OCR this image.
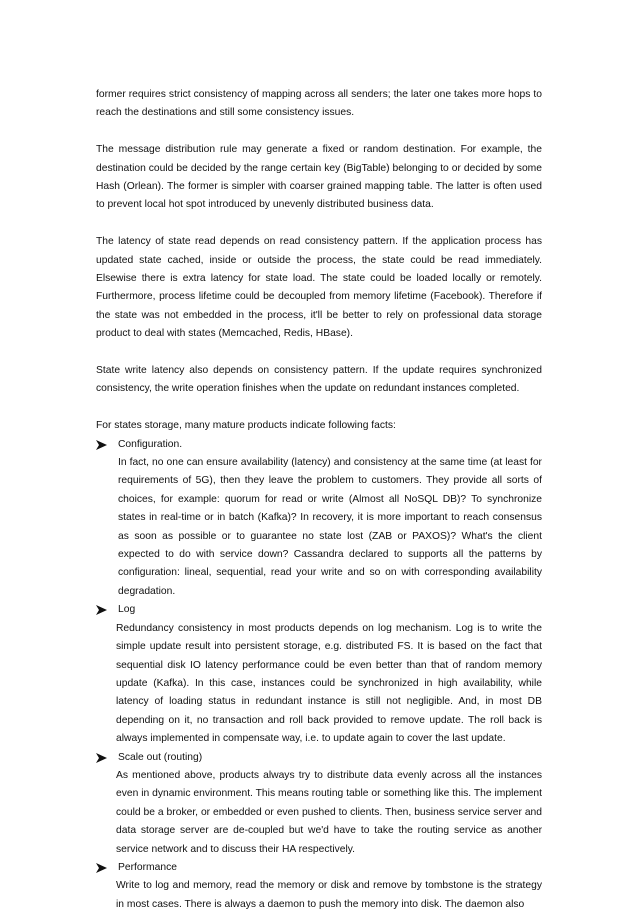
former requires strict consistency of mapping across all senders; the later one takes more hops to reach the destinations and still some consistency issues.

The message distribution rule may generate a fixed or random destination. For example, the destination could be decided by the range certain key (BigTable) belonging to or decided by some Hash (Orlean). The former is simpler with coarser grained mapping table. The latter is often used to prevent local hot spot introduced by unevenly distributed business data.

The latency of state read depends on read consistency pattern. If the application process has updated state cached, inside or outside the process, the state could be read immediately. Elsewise there is extra latency for state load. The state could be loaded locally or remotely. Furthermore, process lifetime could be decoupled from memory lifetime (Facebook). Therefore if the state was not embedded in the process, it'll be better to rely on professional data storage product to deal with states (Memcached, Redis, HBase).

State write latency also depends on consistency pattern. If the update requires synchronized consistency, the write operation finishes when the update on redundant instances completed.

For states storage, many mature products indicate following facts:

Configuration.

In fact, no one can ensure availability (latency) and consistency at the same time (at least for requirements of 5G), then they leave the problem to customers. They provide all sorts of choices, for example: quorum for read or write (Almost all NoSQL DB)? To synchronize states in real-time or in batch (Kafka)? In recovery, it is more important to reach consensus as soon as possible or to guarantee no state lost (ZAB or PAXOS)? What's the client expected to do with service down? Cassandra declared to supports all the patterns by configuration: lineal, sequential, read your write and so on with corresponding availability degradation.

Log

Redundancy consistency in most products depends on log mechanism. Log is to write the simple update result into persistent storage, e.g. distributed FS. It is based on the fact that sequential disk IO latency performance could be even better than that of random memory update (Kafka). In this case, instances could be synchronized in high availability, while latency of loading status in redundant instance is still not negligible. And, in most DB depending on it, no transaction and roll back provided to remove update. The roll back is always implemented in compensate way, i.e. to update again to cover the last update.

Scale out (routing)

As mentioned above, products always try to distribute data evenly across all the instances even in dynamic environment. This means routing table or something like this. The implement could be a broker, or embedded or even pushed to clients. Then, business service server and data storage server are de-coupled but we'd have to take the routing service as another service network and to discuss their HA respectively.

Performance

Write to log and memory, read the memory or disk and remove by tombstone is the strategy in most cases. There is always a daemon to push the memory into disk. The daemon also
